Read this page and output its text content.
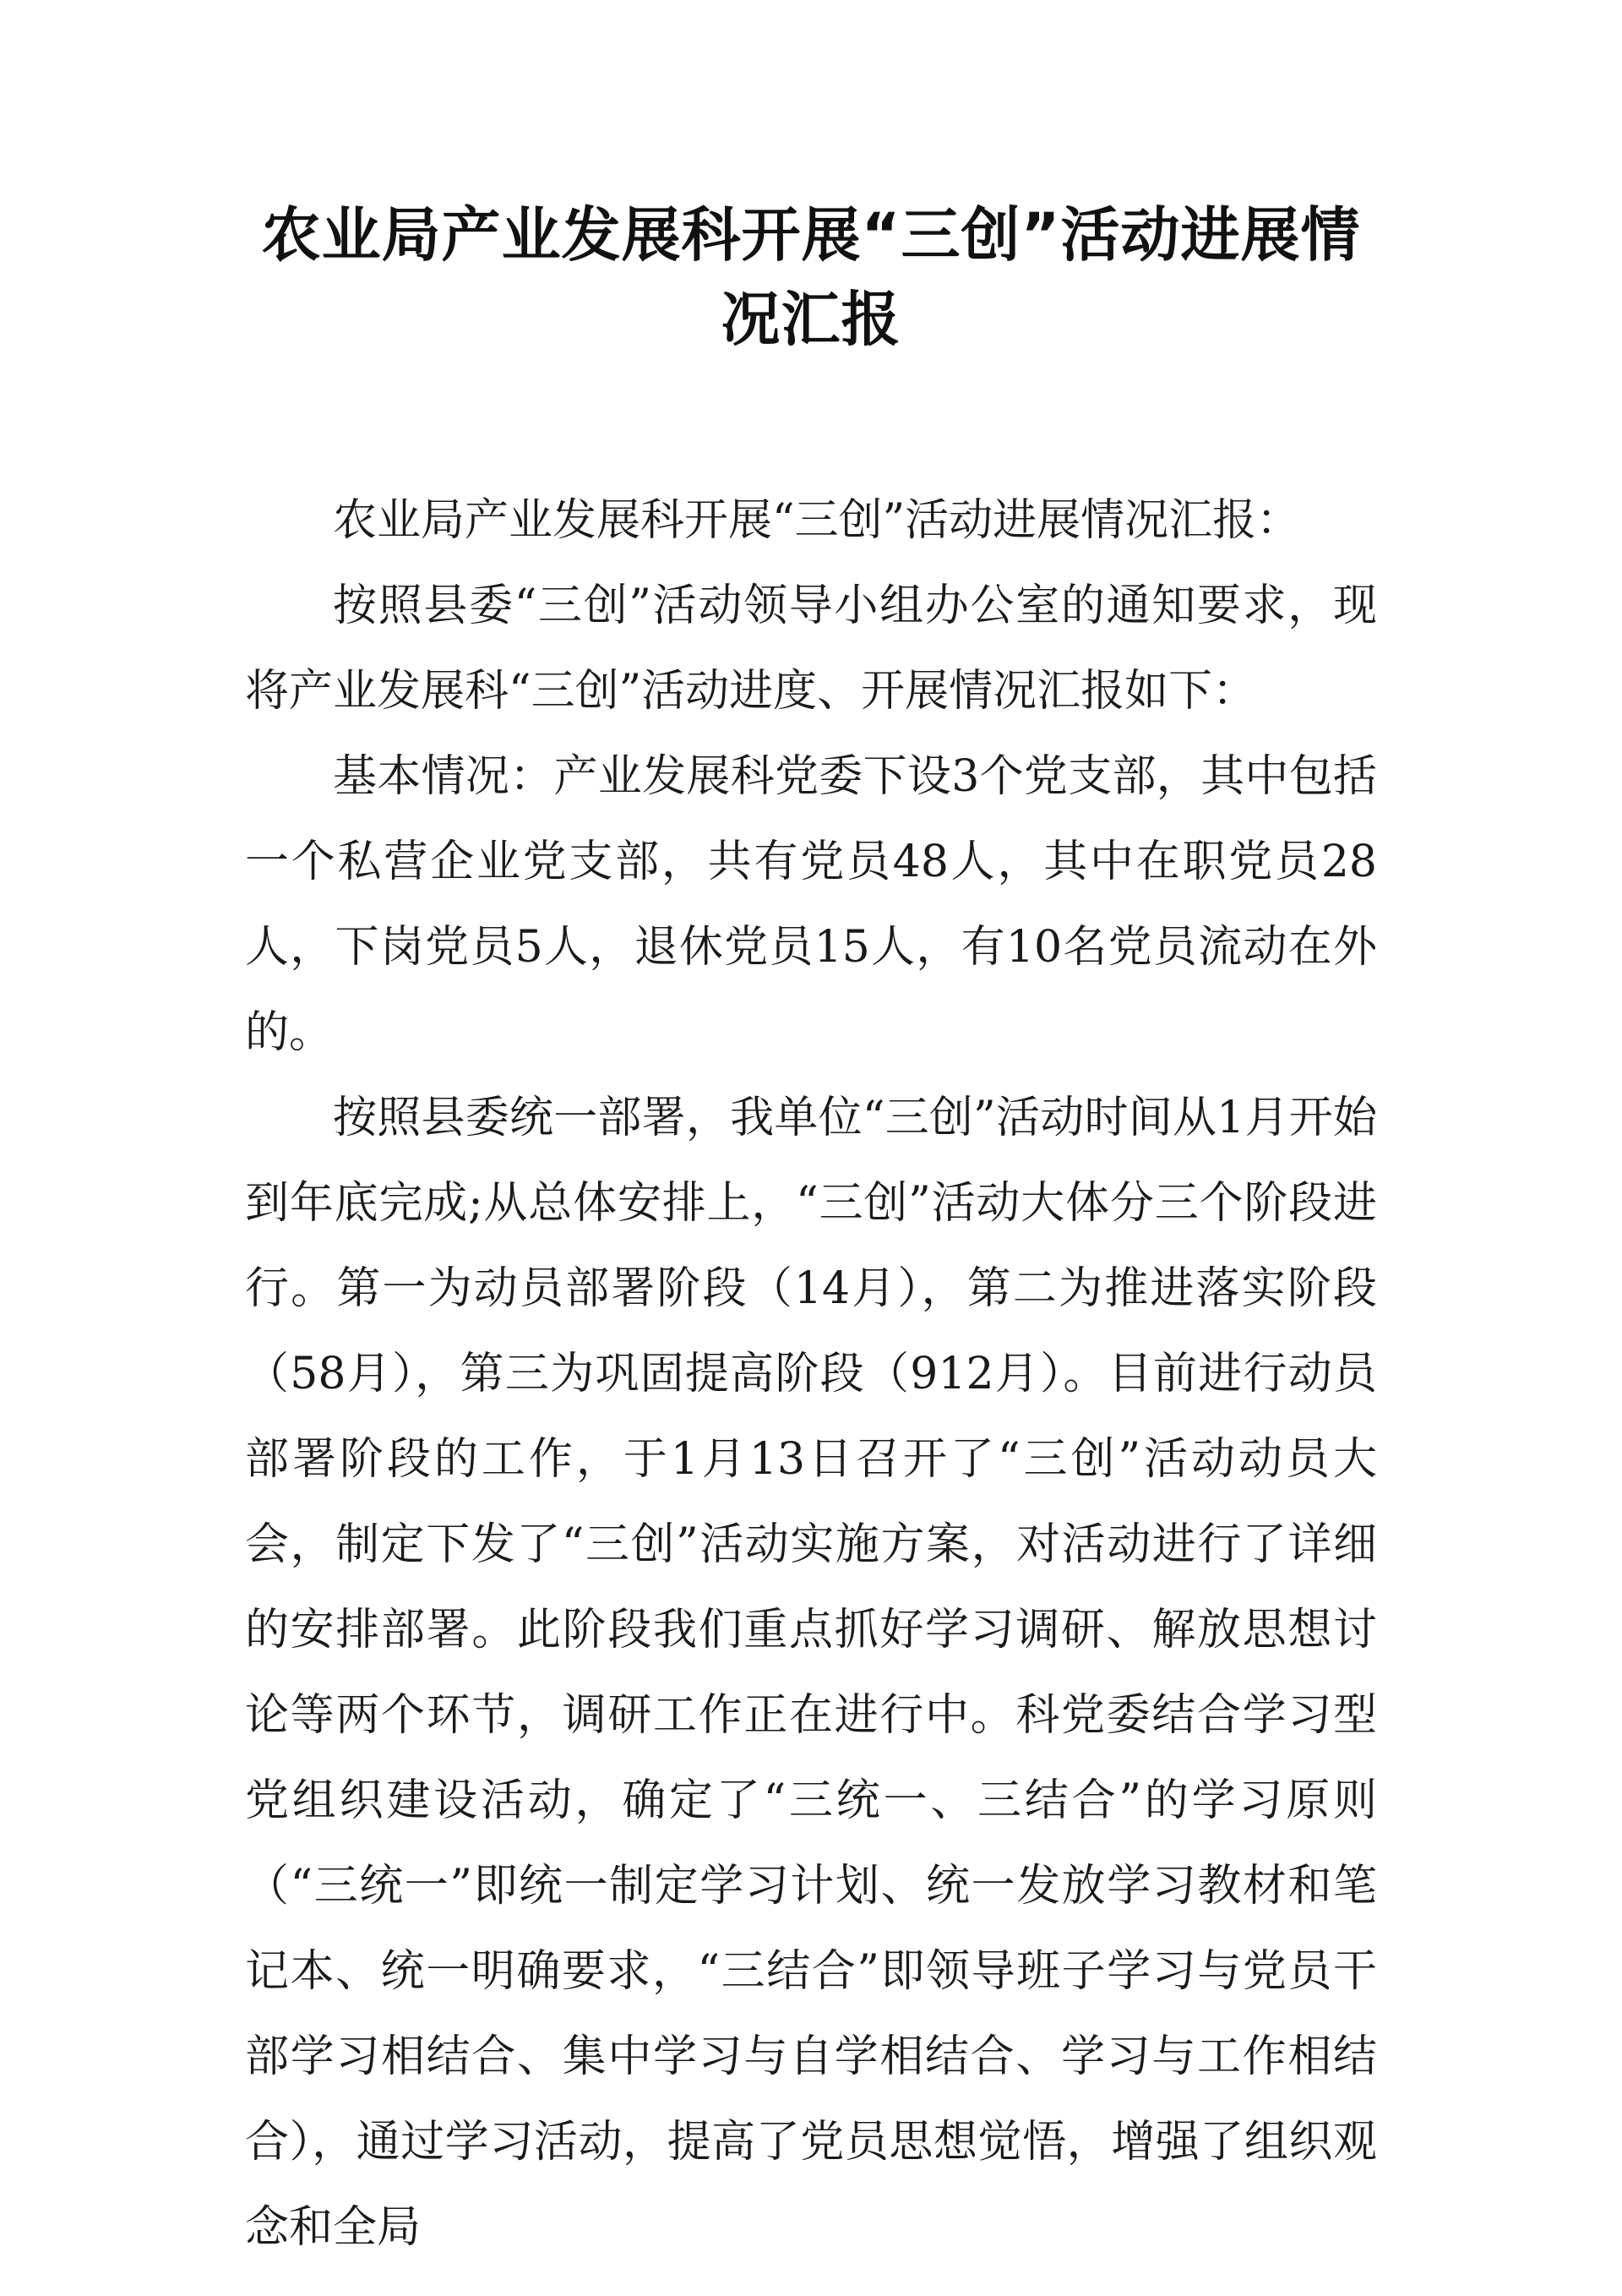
农业局产业发展科开展“三创”活动进展情况汇报

农业局产业发展科开展“三创”活动进展情况汇报：

按照县委“三创”活动领导小组办公室的通知要求，现将产业发展科“三创”活动进度、开展情况汇报如下：

基本情况：产业发展科党委下设3个党支部，其中包括一个私营企业党支部，共有党员48人，其中在职党员28人，下岗党员5人，退休党员15人，有10名党员流动在外的。

按照县委统一部署，我单位“三创”活动时间从1月开始到年底完成;从总体安排上，“三创”活动大体分三个阶段进行。第一为动员部署阶段（14月），第二为推进落实阶段（58月），第三为巩固提高阶段（912月）。目前进行动员部署阶段的工作，于1月13日召开了“三创”活动动员大会，制定下发了“三创”活动实施方案，对活动进行了详细的安排部署。此阶段我们重点抓好学习调研、解放思想讨论等两个环节，调研工作正在进行中。科党委结合学习型党组织建设活动，确定了“三统一、三结合”的学习原则（“三统一”即统一制定学习计划、统一发放学习教材和笔记本、统一明确要求，“三结合”即领导班子学习与党员干部学习相结合、集中学习与自学相结合、学习与工作相结合），通过学习活动，提高了党员思想觉悟，增强了组织观念和全局
